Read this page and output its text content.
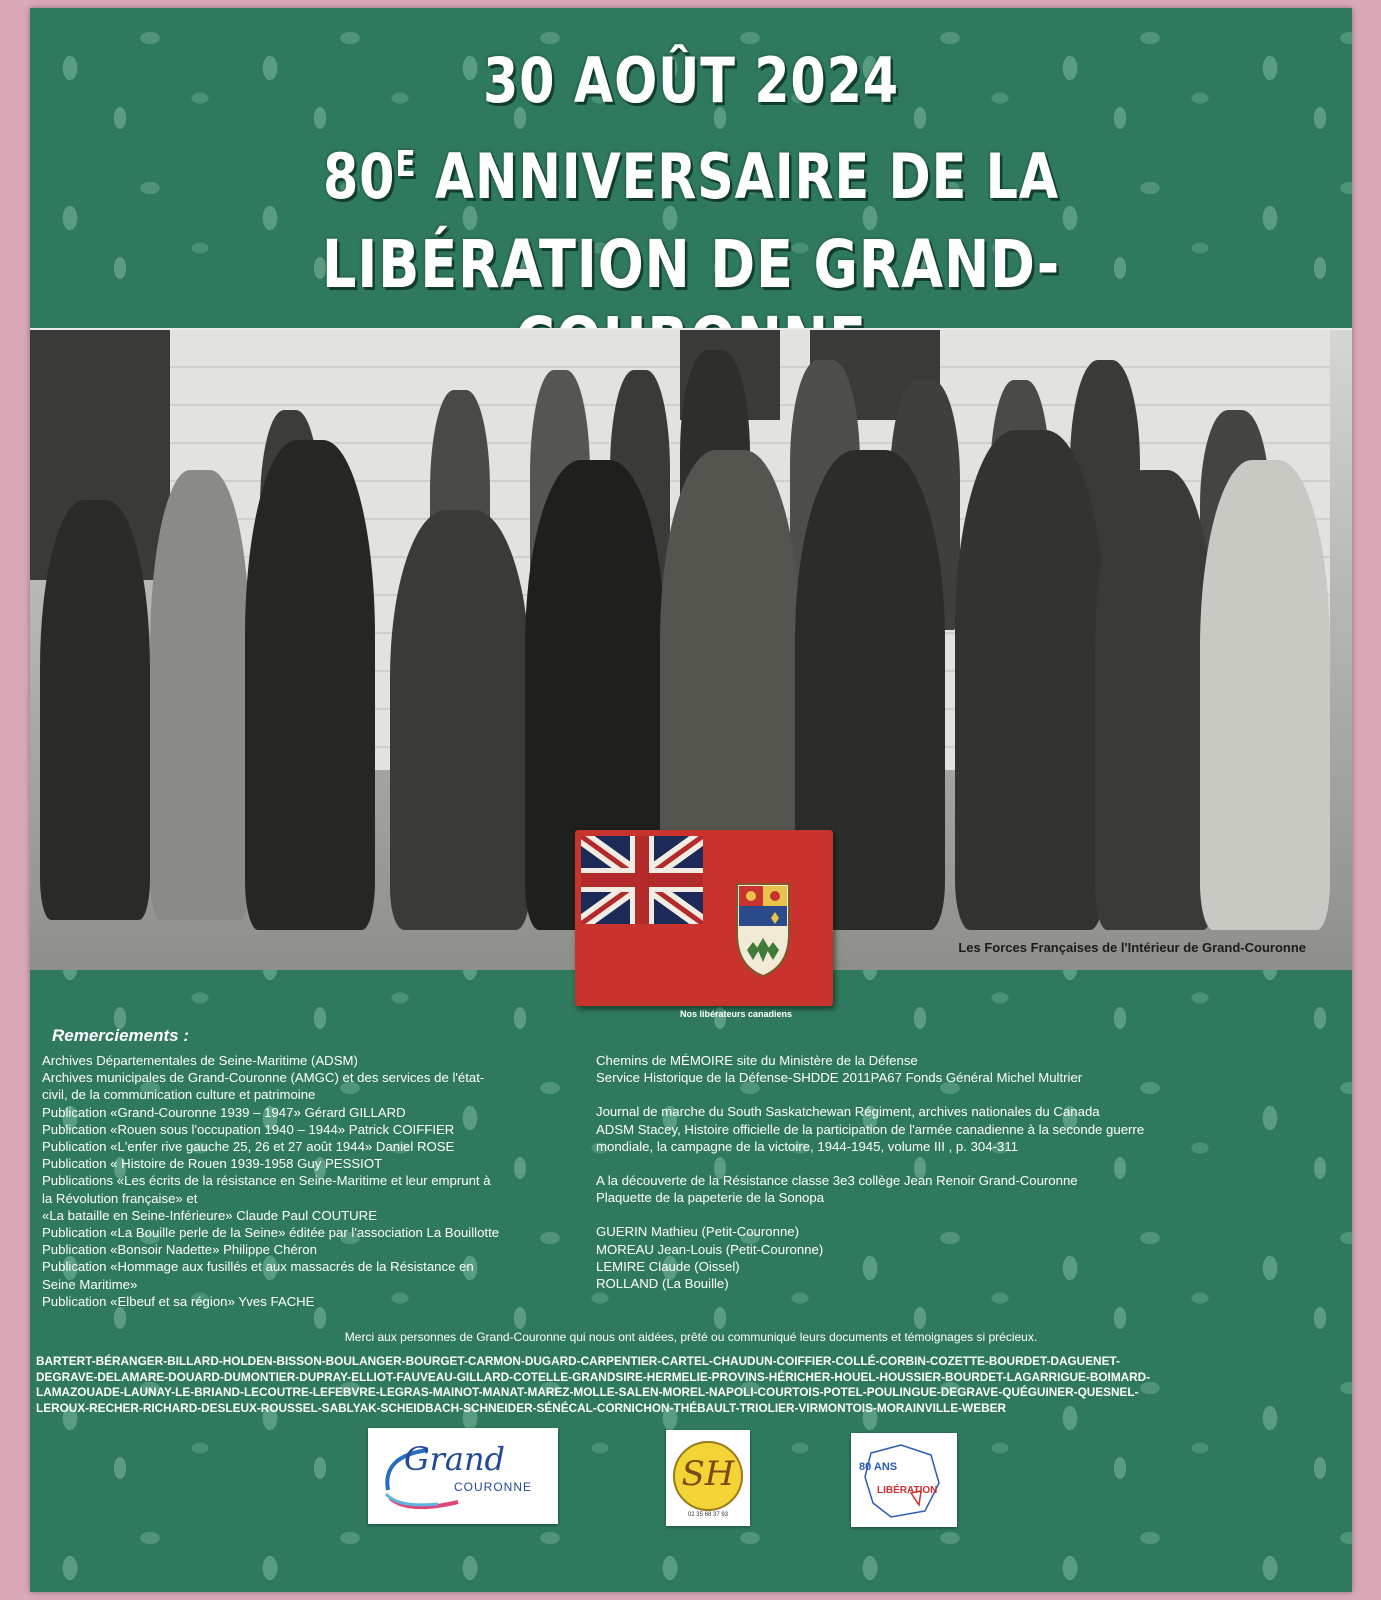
30 AOÛT 2024
$80^E$ ANNIVERSAIRE DE LA
LIBÉRATION DE GRAND-
Les Forces Françaises de l'Intérieur de Grand-Couronne
Nos libérateurs canadiens
Remerciements :
Archives Départementales de Seine-Maritime (ADSM)
Archives municipales de Grand-Couronne (AMGC) et des services de l'état-
civil, de la communication culture et patrimoine
Publication «Grand-Couronne 1939 – 1947» Gérard GILLARD
Publication «Rouen sous l'occupation 1940 – 1944» Patrick COIFFIER
Publication «L'enfer rive gauche 25, 26 et 27 août 1944» Daniel ROSE
Publication « Histoire de Rouen 1939-1958 Guy PESSIOT
Publications «Les écrits de la résistance en Seine-Maritime et leur emprunt à
la Révolution française» et
«La bataille en Seine-Inférieure» Claude Paul COUTURE
Publication «La Bouille perle de la Seine» éditée par l'association La Bouillotte
Publication «Bonsoir Nadette» Philippe Chéron
Publication «Hommage aux fusillés et aux massacrés de la Résistance en
Seine Maritime»
Publication «Elbeuf et sa région» Yves FACHE
Chemins de MÉMOIRE site du Ministère de la Défense
Service Historique de la Défense-SHDDE 2011PA67 Fonds Général Michel Multrier
Journal de marche du South Saskatchewan Régiment, archives nationales du Canada
ADSM Stacey, Histoire officielle de la participation de l'armée canadienne à la seconde guerre
mondiale, la campagne de la victoire, 1944-1945, volume III , p. 304-311
A la découverte de la Résistance classe 3e3 collège Jean Renoir Grand-Couronne
Plaquette de la papeterie de la Sonopa
GUERIN Mathieu (Petit-Couronne)
MOREAU Jean-Louis (Petit-Couronne)
LEMIRE Claude (Oissel)
ROLLAND (La Bouille)
Merci aux personnes de Grand-Couronne qui nous ont aidées, prêté ou communiqué leurs documents et témoignages si précieux.
BARTERT-BÉRANGER-BILLARD-HOLDEN-BISSON-BOULANGER-BOURGET-CARMON-DUGARD-CARPENTIER-CARTEL-CHAUDUN-COIFFIER-COLLÉ-CORBIN-COZETTE-BOURDET-DAGUENET-
DEGRAVE-DELAMARE-DOUARD-DUMONTIER-DUPRAY-ELLIOT-FAUVEAU-GILLARD-COTELLE-GRANDSIRE-HERMELIE-PROVINS-HÉRICHER-HOUEL-HOUSSIER-BOURDET-LAGARRIGUE-BOIMARD-
LAMAZOUADE-LAUNAY-LE-BRIAND-LECOUTRE-LEFEBVRE-LEGRAS-MAINOT-MANAT-MAREZ-MOLLE-SALEN-MOREL-NAPOLI-COURTOIS-POTEL-POULINGUE-DEGRAVE-QUÉGUINER-QUESNEL-
LEROUX-RECHER-RICHARD-DESLEUX-ROUSSEL-SABLYAK-SCHEIDBACH-SCHNEIDER-SÉNÉCAL-CORNICHON-THÉBAULT-TRIOLIER-VIRMONTOIS-MORAINVILLE-WEBER
Grand
COURONNE	SH
02 35 68 37 93
80 ANS
LIBÉRATION
